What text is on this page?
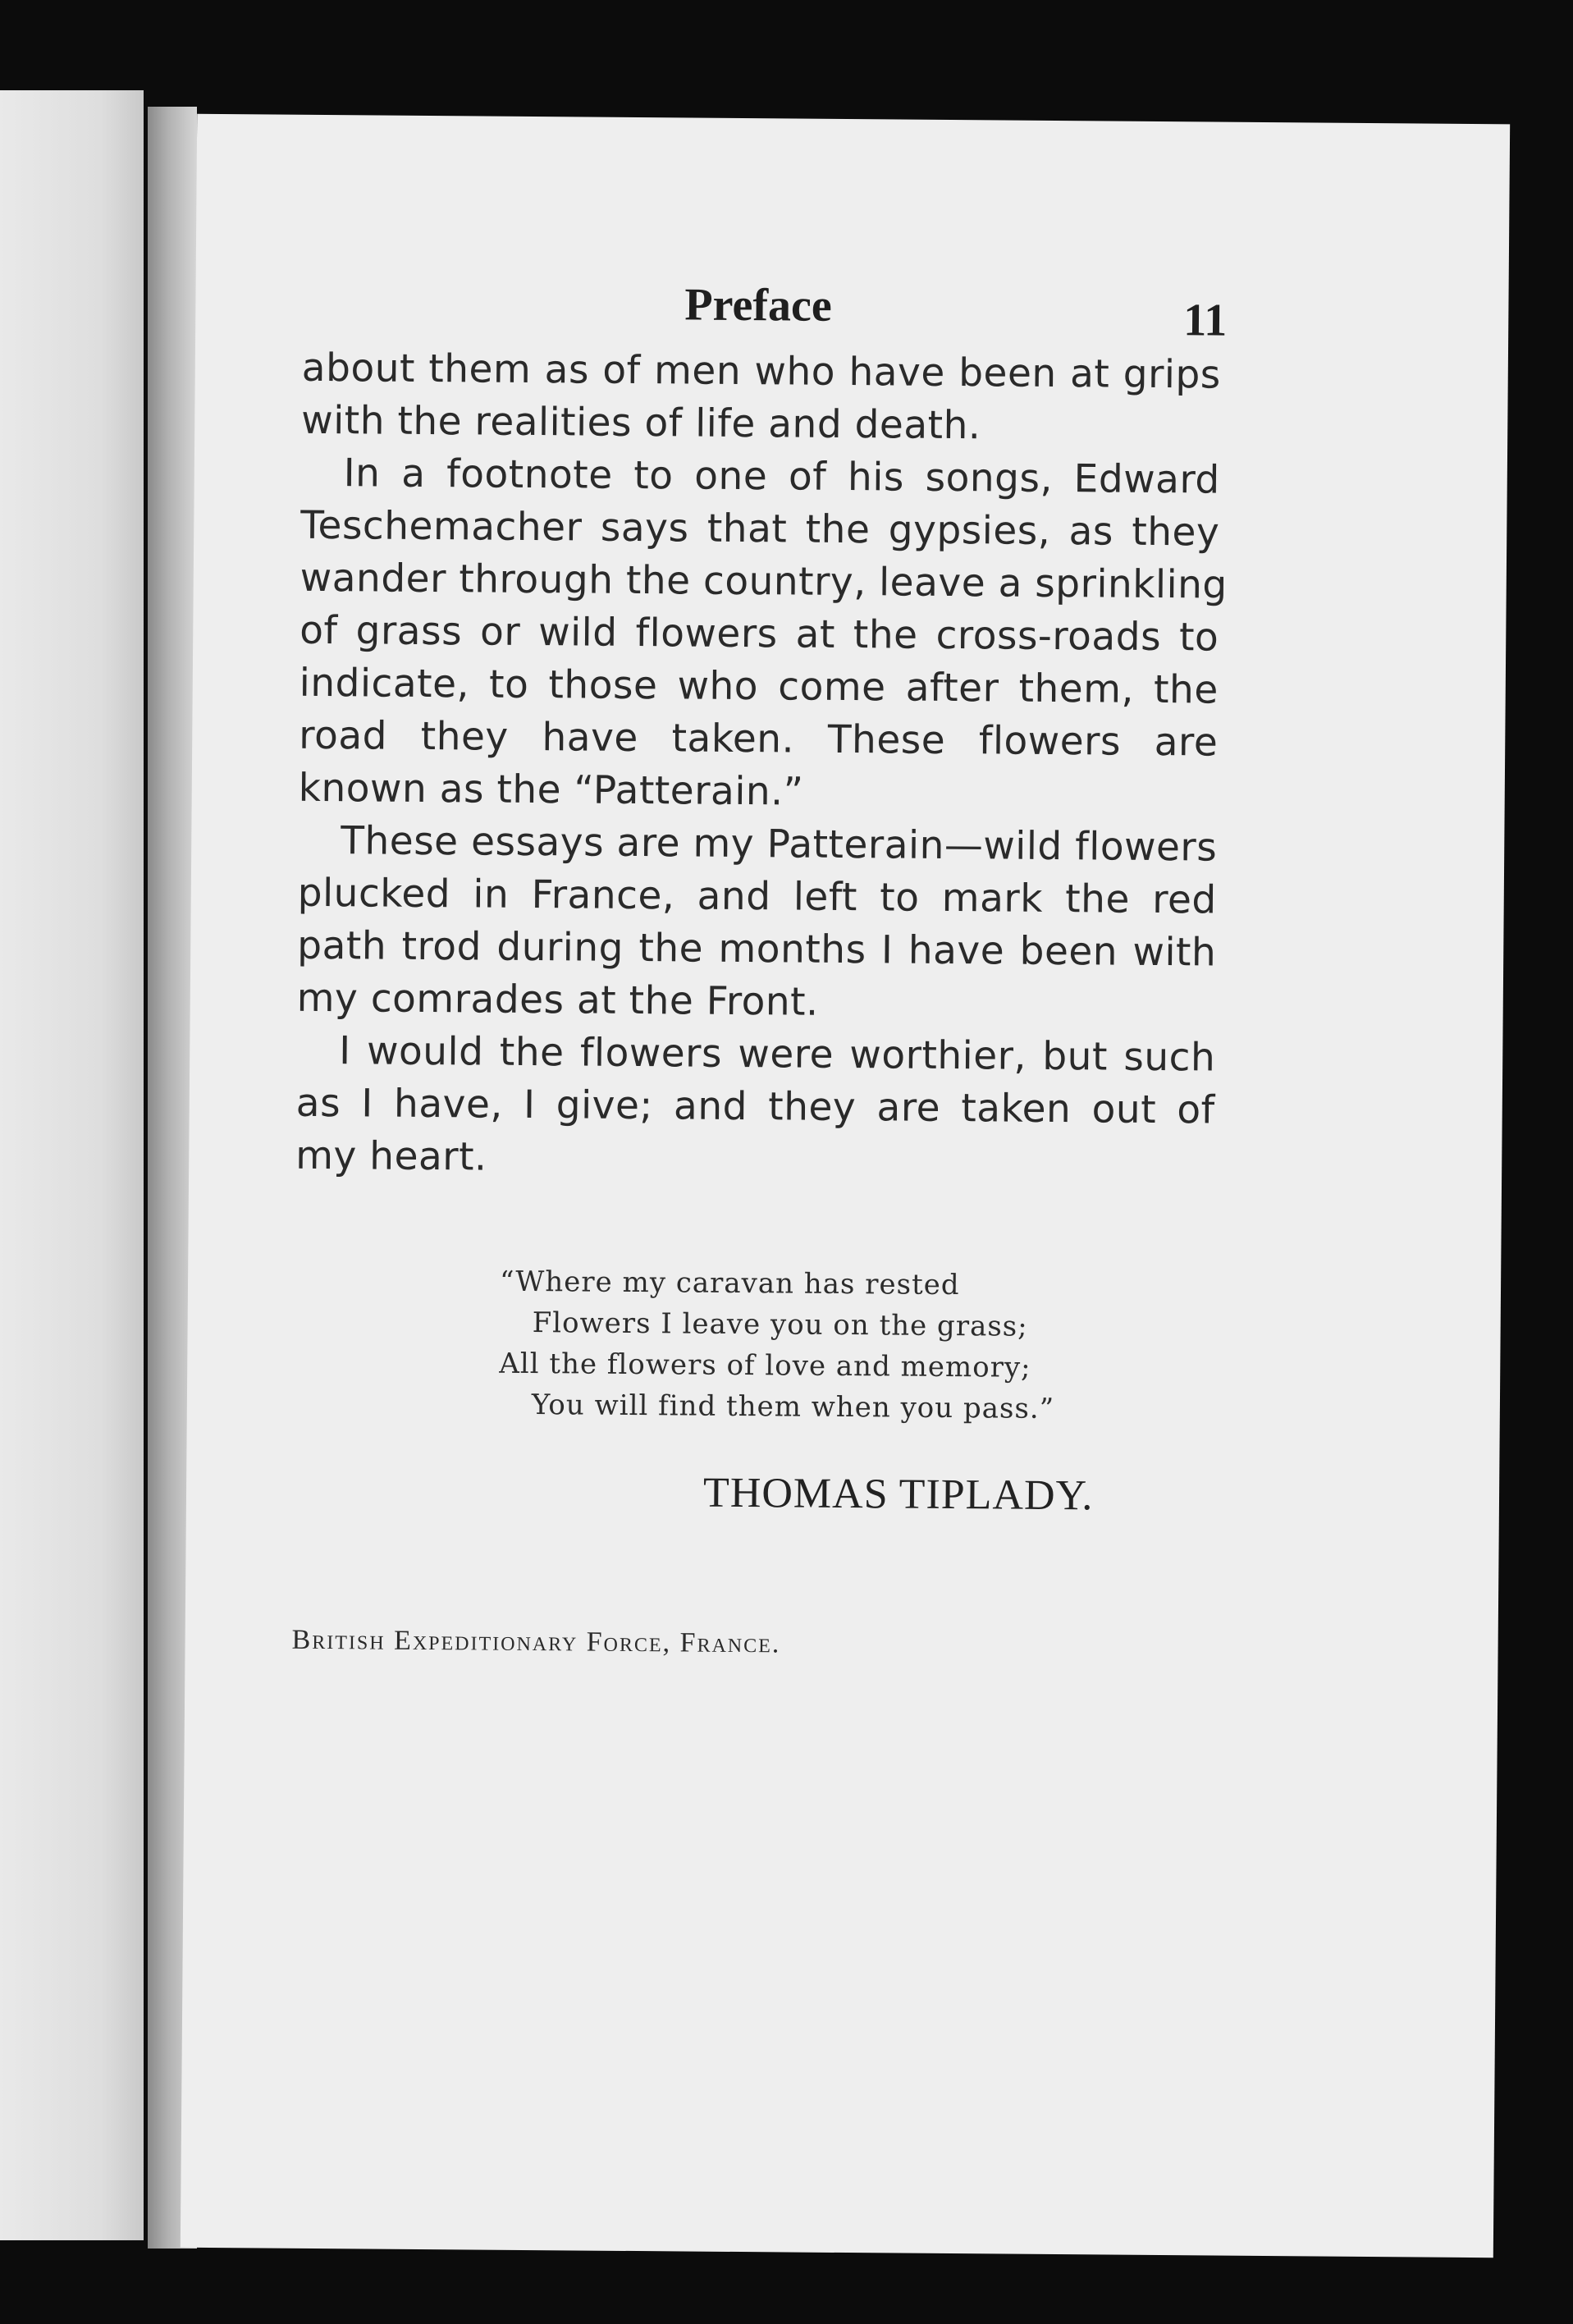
Preface	11
about them as of men who have been at grips
with the realities of life and death.
In a footnote to one of his songs, Edward
Teschemacher says that the gypsies, as they
wander through the country, leave a sprinkling
of grass or wild flowers at the cross-roads to
indicate, to those who come after them, the
road they have taken. These flowers are
known as the “Patterain.”
These essays are my Patterain—wild flowers
plucked in France, and left to mark the red
path trod during the months I have been with
my comrades at the Front.
I would the flowers were worthier, but such
as I have, I give; and they are taken out of
my heart.
“Where my caravan has rested
Flowers I leave you on the grass;
All the flowers of love and memory;
You will find them when you pass.”
THOMAS TIPLADY.
British Expeditionary Force, France.
